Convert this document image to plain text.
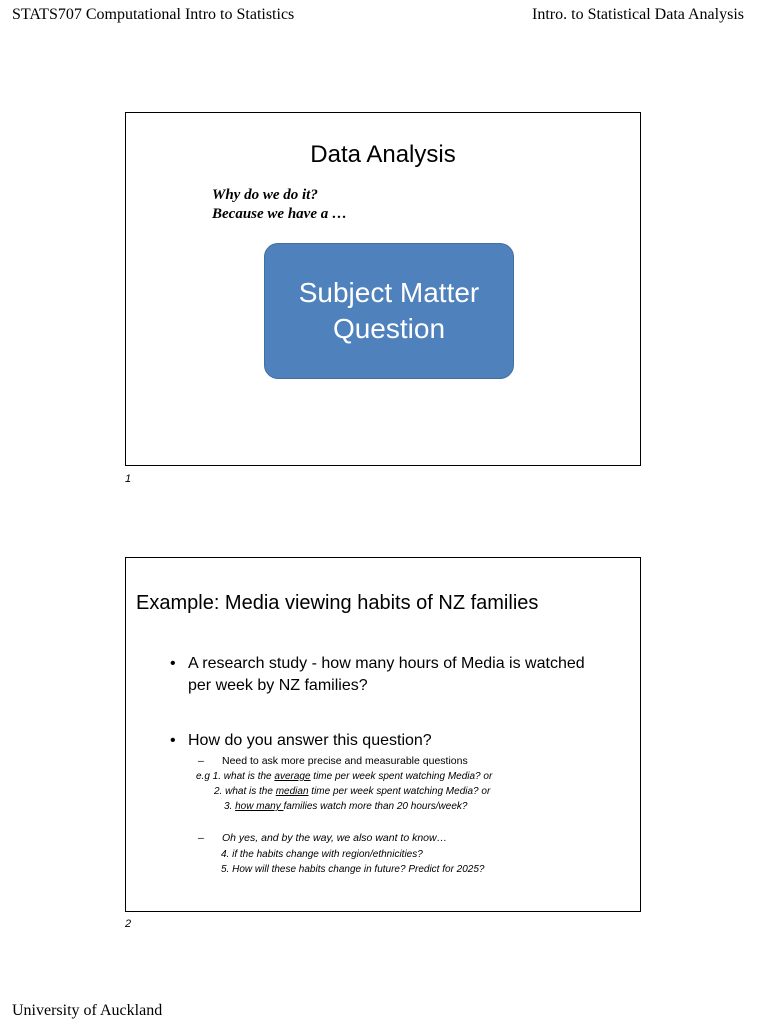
STATS707 Computational Intro to Statistics	Intro. to Statistical Data Analysis
Data Analysis
Why do we do it?
Because we have a …
Subject Matter
Question
1
Example: Media viewing habits of NZ families
• A research study - how many hours of Media is watched per week by NZ families?
• How do you answer this question?
– Need to ask more precise and measurable questions
e.g 1. what is the average time per week spent watching Media? or
2. what is the median time per week spent watching Media? or
3. how many families watch more than 20 hours/week?
– Oh yes, and by the way, we also want to know…
4. if the habits change with region/ethnicities?
5. How will these habits change in future? Predict for 2025?
2
University of Auckland
